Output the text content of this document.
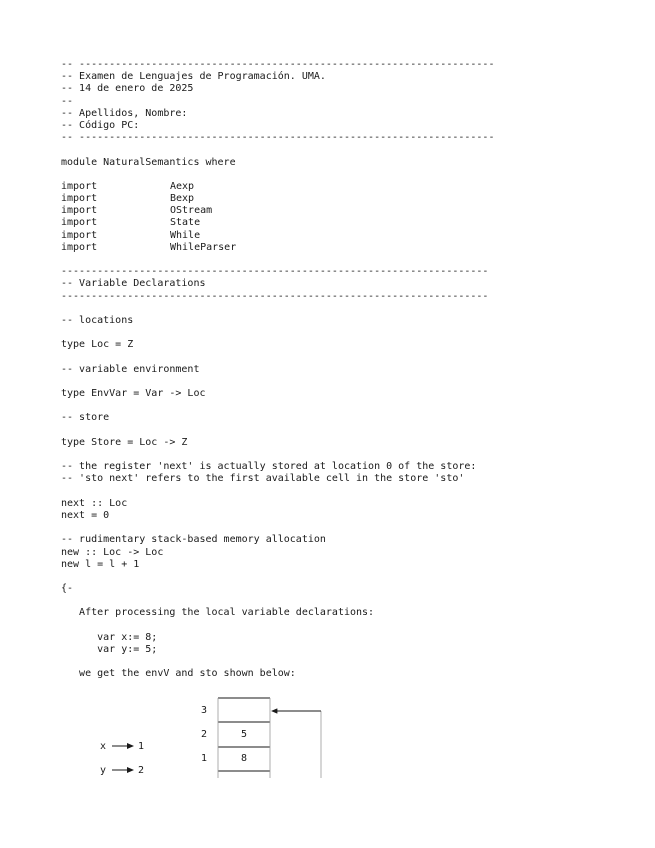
-- ---------------------------------------------------------------------
-- Examen de Lenguajes de Programación. UMA.
-- 14 de enero de 2025
--
-- Apellidos, Nombre:
-- Código PC:
-- ---------------------------------------------------------------------
module NaturalSemantics where
import	Aexp
import	Bexp
import	OStream
import	State
import	While
import	WhileParser
-----------------------------------------------------------------------
-- Variable Declarations
-----------------------------------------------------------------------
-- locations
type Loc = Z
-- variable environment
type EnvVar = Var -> Loc
-- store
type Store = Loc -> Z
-- the register 'next' is actually stored at location 0 of the store:
-- 'sto next' refers to the first available cell in the store 'sto'
next :: Loc
next = 0
-- rudimentary stack-based memory allocation
new :: Loc -> Loc
new l = l + 1
{-
After processing the local variable declarations:
var x:= 8;
var y:= 5;
we get the envV and sto shown below:
3
2
1
5
8
x	1
y	2
